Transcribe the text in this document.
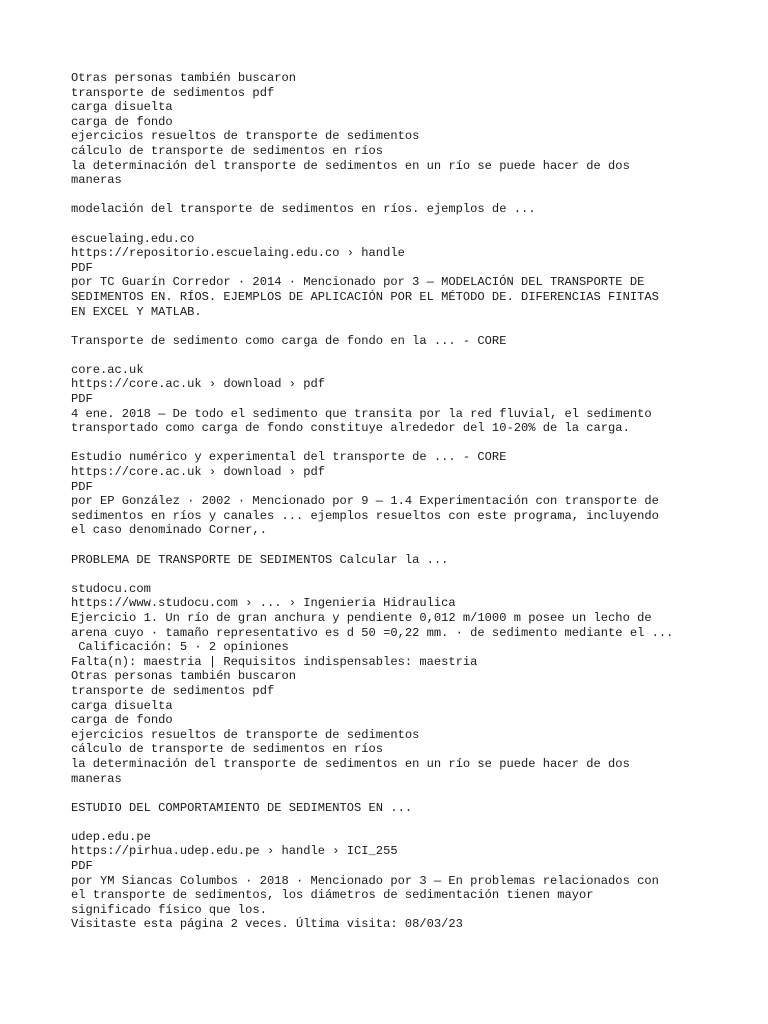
Otras personas también buscaron
transporte de sedimentos pdf
carga disuelta
carga de fondo
ejercicios resueltos de transporte de sedimentos
cálculo de transporte de sedimentos en ríos
la determinación del transporte de sedimentos en un río se puede hacer de dos
maneras
modelación del transporte de sedimentos en ríos. ejemplos de ...
escuelaing.edu.co
https://repositorio.escuelaing.edu.co › handle
PDF
por TC Guarín Corredor · 2014 · Mencionado por 3 — MODELACIÓN DEL TRANSPORTE DE
SEDIMENTOS EN. RÍOS. EJEMPLOS DE APLICACIÓN POR EL MÉTODO DE. DIFERENCIAS FINITAS
EN EXCEL Y MATLAB.
Transporte de sedimento como carga de fondo en la ... - CORE
core.ac.uk
https://core.ac.uk › download › pdf
PDF
4 ene. 2018 — De todo el sedimento que transita por la red fluvial, el sedimento
transportado como carga de fondo constituye alrededor del 10-20% de la carga.
Estudio numérico y experimental del transporte de ... - CORE
https://core.ac.uk › download › pdf
PDF
por EP González · 2002 · Mencionado por 9 — 1.4 Experimentación con transporte de
sedimentos en ríos y canales ... ejemplos resueltos con este programa, incluyendo
el caso denominado Corner,.
PROBLEMA DE TRANSPORTE DE SEDIMENTOS Calcular la ...
studocu.com
https://www.studocu.com › ... › Ingenieria Hidraulica
Ejercicio 1. Un río de gran anchura y pendiente 0,012 m/1000 m posee un lecho de
arena cuyo · tamaño representativo es d 50 =0,22 mm. · de sedimento mediante el ...
Calificación: 5 · 2 opiniones
Falta(n): maestria | Requisitos indispensables: maestria
Otras personas también buscaron
transporte de sedimentos pdf
carga disuelta
carga de fondo
ejercicios resueltos de transporte de sedimentos
cálculo de transporte de sedimentos en ríos
la determinación del transporte de sedimentos en un río se puede hacer de dos
maneras
ESTUDIO DEL COMPORTAMIENTO DE SEDIMENTOS EN ...
udep.edu.pe
https://pirhua.udep.edu.pe › handle › ICI_255
PDF
por YM Siancas Columbos · 2018 · Mencionado por 3 — En problemas relacionados con
el transporte de sedimentos, los diámetros de sedimentación tienen mayor
significado físico que los.
Visitaste esta página 2 veces. Última visita: 08/03/23
